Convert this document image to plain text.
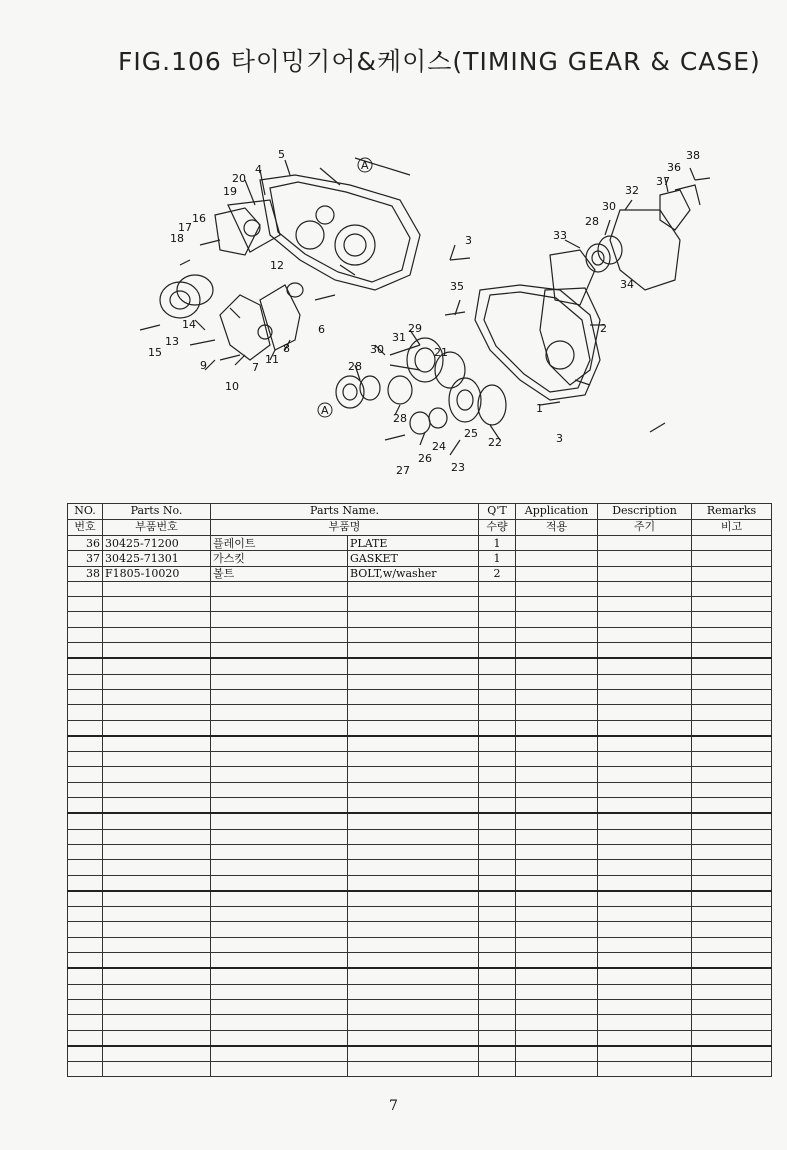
FIG.106 타이밍기어&케이스(TIMING GEAR & CASE)
A
A
5
4
20
19
16
17
18
12
6
14
13
15
9
10
7
11
8
3
35
33
28
30
32
37
36
38
34
2
1
3
29
31
21
30
28
28
22
25
24
26
27	23
NO.	Parts No.	Parts Name.		Q'T	Application	Description	Remarks
번호	부품번호	부품명		수량	적용	주기	비고
36	30425-71200	플레이트	PLATE	1			
37	30425-71301	가스킷	GASKET	1			
38	F1805-10020	볼트	BOLT,w/washer	2			

7
